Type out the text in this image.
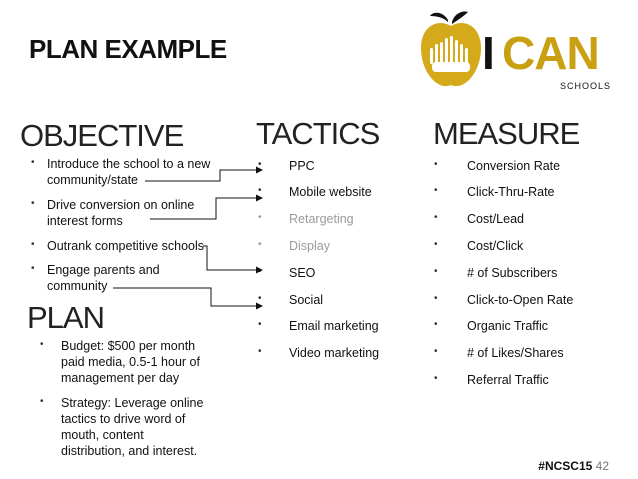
PLAN EXAMPLE	I CAN
SCHOOLS
OBJECTIVE TACTICS MEASURE
• Introduce the school to a new community/state
• Drive conversion on online interest forms
• Outrank competitive schools
• Engage parents and community
PLAN
• Budget: $500 per month paid media, 0.5-1 hour of management per day
• Strategy: Leverage online tactics to drive word of mouth, content distribution, and interest.
• PPC
• Mobile website
• Retargeting
• Display
• SEO
• Social
• Email marketing
• Video marketing
• Conversion Rate
• Click-Thru-Rate
• Cost/Lead
• Cost/Click
• # of Subscribers
• Click-to-Open Rate
• Organic Traffic
• # of Likes/Shares
• Referral Traffic
#NCSC15 42
